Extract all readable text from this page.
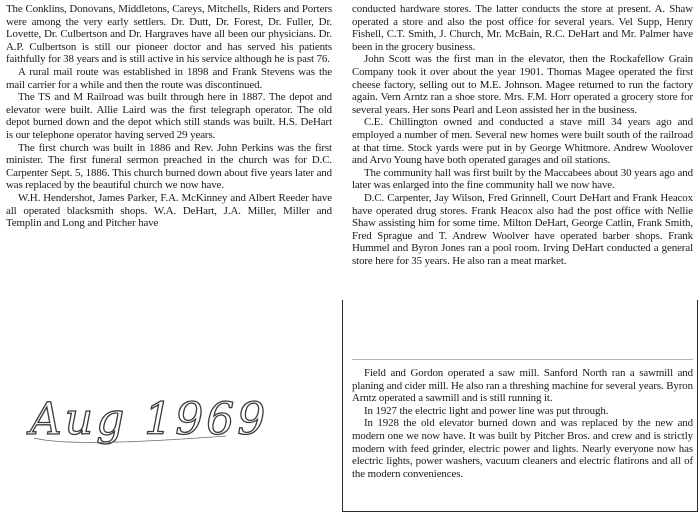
The Conklins, Donovans, Middletons, Careys, Mitchells, Riders and Porters were among the very early settlers. Dr. Dutt, Dr. Forest, Dr. Fuller, Dr. Lovette, Dr. Culbertson and Dr. Hargraves have all been our physicians. Dr. A.P. Culbertson is still our pioneer doctor and has served his patients faithfully for 38 years and is still active in his service although he is past 76.

A rural mail route was established in 1898 and Frank Stevens was the mail carrier for a while and then the route was discontinued.

The TS and M Railroad was built through here in 1887. The depot and elevator were built. Allie Laird was the first telegraph operator. The old depot burned down and the depot which still stands was built. H.S. DeHart is our telephone operator having served 29 years.

The first church was built in 1886 and Rev. John Perkins was the first minister. The first funeral sermon preached in the church was for D.C. Carpenter Sept. 5, 1886. This church burned down about five years later and was replaced by the beautiful church we now have.

W.H. Hendershot, James Parker, F.A. McKinney and Albert Reeder have all operated blacksmith shops. W.A. DeHart, J.A. Miller, Miller and Templin and Long and Pitcher have

Aug 1969

conducted hardware stores. The latter conducts the store at present. A. Shaw operated a store and also the post office for several years. Vel Supp, Henry Fishell, C.T. Smith, J. Church, Mr. McBain, R.C. DeHart and Mr. Palmer have been in the grocery business.

John Scott was the first man in the elevator, then the Rockafellow Grain Company took it over about the year 1901. Thomas Magee operated the first cheese factory, selling out to M.E. Johnson. Magee returned to run the factory again. Vern Arntz ran a shoe store. Mrs. F.M. Horr operated a grocery store for several years. Her sons Pearl and Leon assisted her in the business.

C.E. Chillington owned and conducted a stave mill 34 years ago and employed a number of men. Several new homes were built south of the railroad at that time. Stock yards were put in by George Whitmore. Andrew Woolover and Arvo Young have both operated garages and oil stations.

The community hall was first built by the Maccabees about 30 years ago and later was enlarged into the fine community hall we now have.

D.C. Carpenter, Jay Wilson, Fred Grinnell, Court DeHart and Frank Heacox have operated drug stores. Frank Heacox also had the post office with Nellie Shaw assisting him for some time. Milton DeHart, George Catlin, Frank Smith, Fred Sprague and T. Andrew Woolver have operated barber shops. Frank Hummel and Byron Jones ran a pool room. Irving DeHart conducted a general store here for 35 years. He also ran a meat market.

Field and Gordon operated a saw mill. Sanford North ran a sawmill and planing and cider mill. He also ran a threshing machine for several years. Byron Arntz operated a sawmill and is still running it.

In 1927 the electric light and power line was put through.

In 1928 the old elevator burned down and was replaced by the new and modern one we now have. It was built by Pitcher Bros. and crew and is strictly modern with feed grinder, electric power and lights. Nearly everyone now has electric lights, power washers, vacuum cleaners and electric flatirons and all of the modern conveniences.
